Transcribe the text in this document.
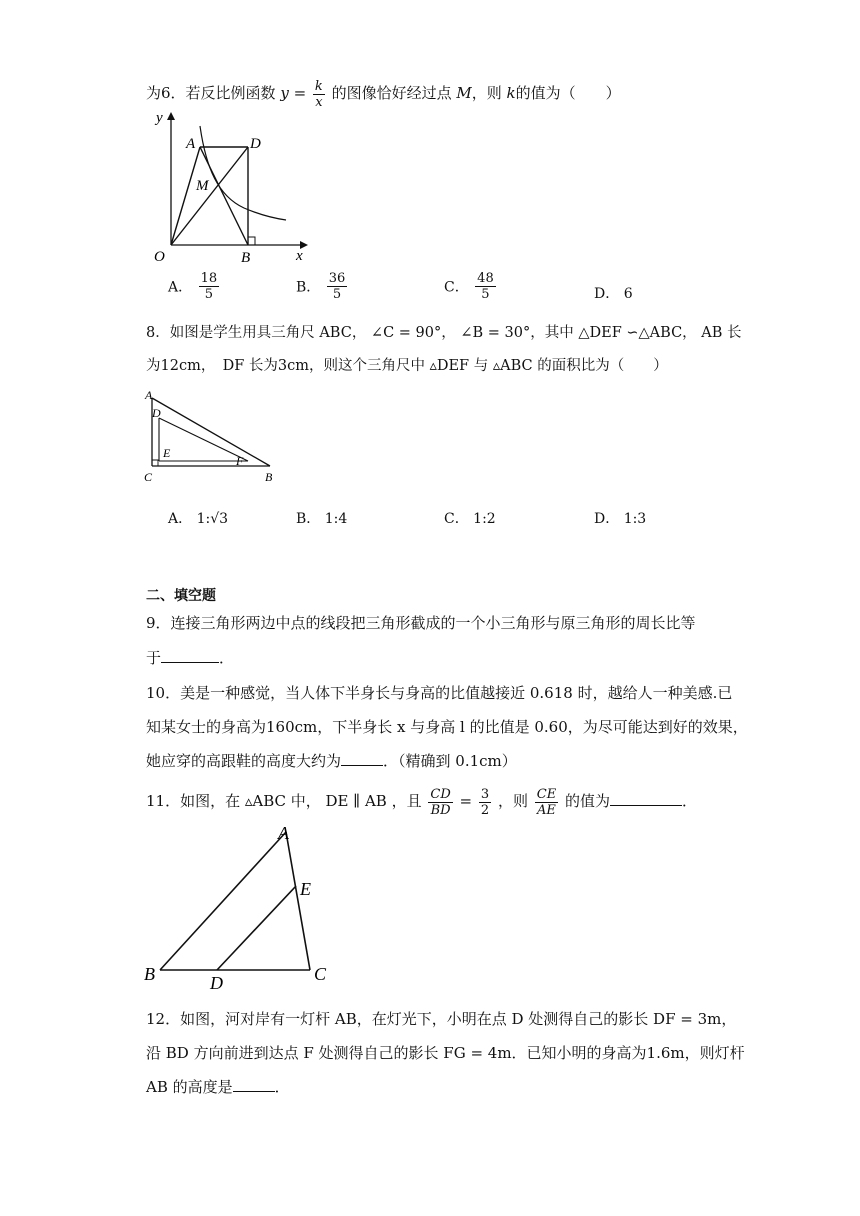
为6．若反比例函数 $y = \frac{k}{x}$ 的图像恰好经过点 M，则 k的值为（　　）
y
A	D
M
O	B	x
A． $\frac{18}{5}$	B． $\frac{36}{5}$	C． $\frac{48}{5}$	D． 6
8．如图是学生用具三角尺 ABC， ∠C = 90°， ∠B = 30°，其中 △DEF ∽△ABC， AB 长
为12cm，　DF 长为3cm，则这个三角尺中 ▵DEF 与 ▵ABC 的面积比为（　　）
A
D
E
F
C	B
A． 1:√3	B． 1:4	C． 1:2	D． 1:3
二、填空题
9．连接三角形两边中点的线段把三角形截成的一个小三角形与原三角形的周长比等
于	．
10．美是一种感觉，当人体下半身长与身高的比值越接近 0.618 时，越给人一种美感.已
知某女士的身高为160cm，下半身长 x 与身高 l 的比值是 0.60，为尽可能达到好的效果，
她应穿的高跟鞋的高度大约为	．（精确到 0.1cm）
11．如图，在 ▵ABC 中， DE ∥ AB ，且 $\frac{CD}{BD} = \frac{3}{2}$ ，则 $\frac{CE}{AE}$ 的值为	．
A
E
B	D	C
12．如图，河对岸有一灯杆 AB，在灯光下，小明在点 D 处测得自己的影长 DF = 3m，
沿 BD 方向前进到达点 F 处测得自己的影长 FG = 4m．已知小明的身高为1.6m，则灯杆
AB 的高度是	．
